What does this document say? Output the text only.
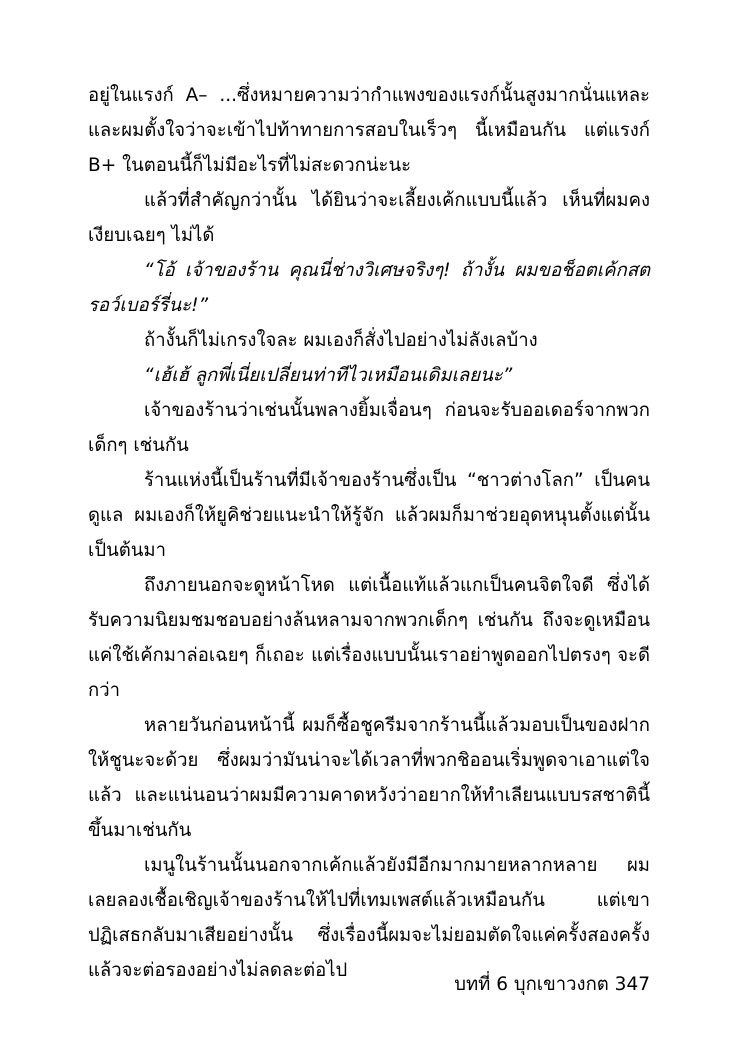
อยู่ในแรงก์ A– ...ซึ่งหมายความว่ากำแพงของแรงก์นั้นสูงมากนั่นแหละ และผมตั้งใจว่าจะเข้าไปท้าทายการสอบในเร็วๆ นี้เหมือนกัน แต่แรงก์ B+ ในตอนนี้ก็ไม่มีอะไรที่ไม่สะดวกน่ะนะ

แล้วที่สำคัญกว่านั้น ได้ยินว่าจะเลี้ยงเค้กแบบนี้แล้ว เห็นที่ผมคงเงียบเฉยๆ ไม่ได้

“โอ้ เจ้าของร้าน คุณนี่ช่างวิเศษจริงๆ! ถ้างั้น ผมขอช็อตเค้กสตรอว์เบอร์รี่นะ!”

ถ้างั้นก็ไม่เกรงใจละ ผมเองก็สั่งไปอย่างไม่ลังเลบ้าง

“เฮ้เฮ้ ลูกพี่เนี่ยเปลี่ยนท่าทีไวเหมือนเดิมเลยนะ”

เจ้าของร้านว่าเช่นนั้นพลางยิ้มเจื่อนๆ ก่อนจะรับออเดอร์จากพวกเด็กๆ เช่นกัน

ร้านแห่งนี้เป็นร้านที่มีเจ้าของร้านซึ่งเป็น “ชาวต่างโลก” เป็นคนดูแล ผมเองก็ให้ยูคิช่วยแนะนำให้รู้จัก แล้วผมก็มาช่วยอุดหนุนตั้งแต่นั้นเป็นต้นมา

ถึงภายนอกจะดูหน้าโหด แต่เนื้อแท้แล้วแกเป็นคนจิตใจดี ซึ่งได้รับความนิยมชมชอบอย่างล้นหลามจากพวกเด็กๆ เช่นกัน ถึงจะดูเหมือนแค่ใช้เค้กมาล่อเฉยๆ ก็เถอะ แต่เรื่องแบบนั้นเราอย่าพูดออกไปตรงๆ จะดีกว่า

หลายวันก่อนหน้านี้ ผมก็ซื้อชูครีมจากร้านนี้แล้วมอบเป็นของฝากให้ชูนะจะด้วย ซึ่งผมว่ามันน่าจะได้เวลาที่พวกชิออนเริ่มพูดจาเอาแต่ใจแล้ว และแน่นอนว่าผมมีความคาดหวังว่าอยากให้ทำเลียนแบบรสชาตินี้ขึ้นมาเช่นกัน

เมนูในร้านนั้นนอกจากเค้กแล้วยังมีอีกมากมายหลากหลาย ผมเลยลองเชื้อเชิญเจ้าของร้านให้ไปที่เทมเพสต์แล้วเหมือนกัน แต่เขาปฏิเสธกลับมาเสียอย่างนั้น ซึ่งเรื่องนี้ผมจะไม่ยอมตัดใจแค่ครั้งสองครั้ง แล้วจะต่อรองอย่างไม่ลดละต่อไป

บทที่ 6 บุกเขาวงกต 347
